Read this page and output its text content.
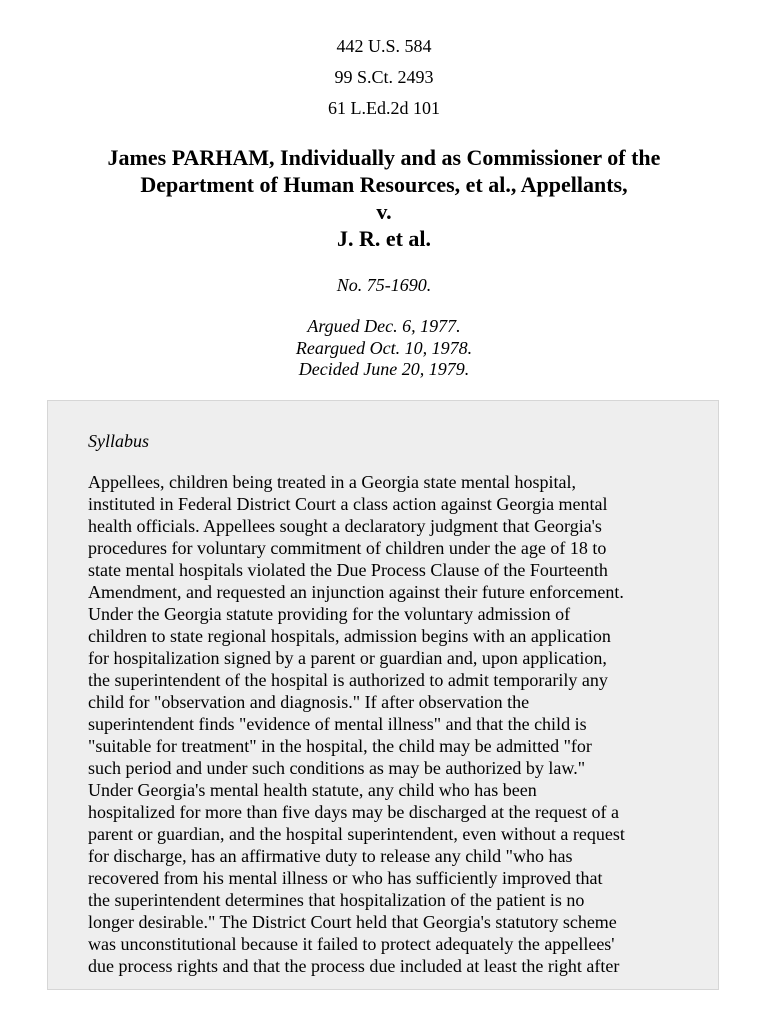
442 U.S. 584
99 S.Ct. 2493
61 L.Ed.2d 101
James PARHAM, Individually and as Commissioner of the
Department of Human Resources, et al., Appellants,
v.
J. R. et al.
No. 75-1690.
Argued Dec. 6, 1977.
Reargued Oct. 10, 1978.
Decided June 20, 1979.
Syllabus
Appellees, children being treated in a Georgia state mental hospital,
instituted in Federal District Court a class action against Georgia mental
health officials. Appellees sought a declaratory judgment that Georgia's
procedures for voluntary commitment of children under the age of 18 to
state mental hospitals violated the Due Process Clause of the Fourteenth
Amendment, and requested an injunction against their future enforcement.
Under the Georgia statute providing for the voluntary admission of
children to state regional hospitals, admission begins with an application
for hospitalization signed by a parent or guardian and, upon application,
the superintendent of the hospital is authorized to admit temporarily any
child for "observation and diagnosis." If after observation the
superintendent finds "evidence of mental illness" and that the child is
"suitable for treatment" in the hospital, the child may be admitted "for
such period and under such conditions as may be authorized by law."
Under Georgia's mental health statute, any child who has been
hospitalized for more than five days may be discharged at the request of a
parent or guardian, and the hospital superintendent, even without a request
for discharge, has an affirmative duty to release any child "who has
recovered from his mental illness or who has sufficiently improved that
the superintendent determines that hospitalization of the patient is no
longer desirable." The District Court held that Georgia's statutory scheme
was unconstitutional because it failed to protect adequately the appellees'
due process rights and that the process due included at least the right after
